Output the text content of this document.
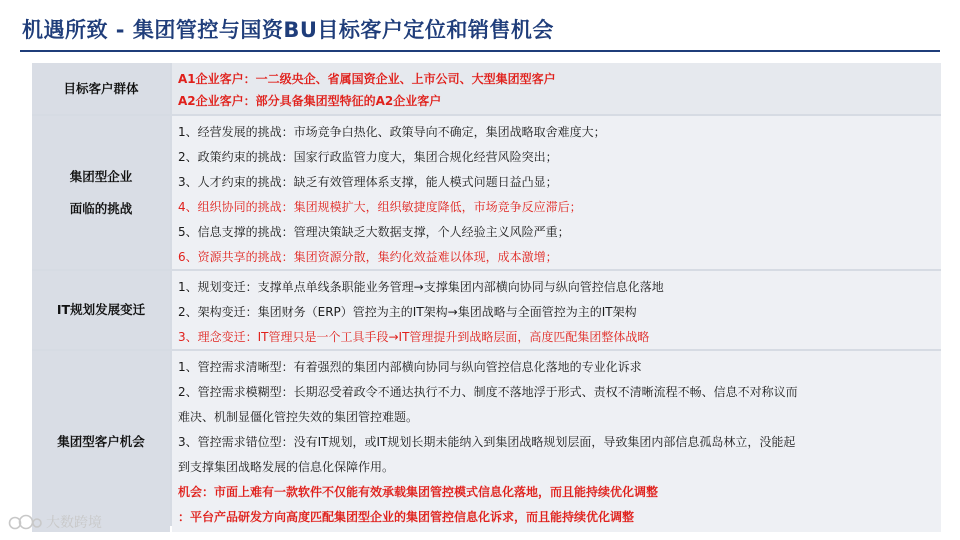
机遇所致 - 集团管控与国资BU目标客户定位和销售机会
目标客户群体
A1企业客户：一二级央企、省属国资企业、上市公司、大型集团型客户
A2企业客户：部分具备集团型特征的A2企业客户
集团型企业
面临的挑战
1、经营发展的挑战：市场竞争白热化、政策导向不确定，集团战略取舍难度大；
2、政策约束的挑战：国家行政监管力度大，集团合规化经营风险突出；
3、人才约束的挑战：缺乏有效管理体系支撑，能人模式问题日益凸显；
4、组织协同的挑战：集团规模扩大，组织敏捷度降低，市场竞争反应滞后；
5、信息支撑的挑战：管理决策缺乏大数据支撑，个人经验主义风险严重；
6、资源共享的挑战：集团资源分散，集约化效益难以体现，成本激增；
IT规划发展变迁
1、规划变迁：支撑单点单线条职能业务管理→支撑集团内部横向协同与纵向管控信息化落地
2、架构变迁：集团财务（ERP）管控为主的IT架构→集团战略与全面管控为主的IT架构
3、理念变迁：IT管理只是一个工具手段→IT管理提升到战略层面，高度匹配集团整体战略
集团型客户机会
1、管控需求清晰型：有着强烈的集团内部横向协同与纵向管控信息化落地的专业化诉求
2、管控需求模糊型：长期忍受着政令不通达执行不力、制度不落地浮于形式、责权不清晰流程不畅、信息不对称议而
难决、机制显僵化管控失效的集团管控难题。
3、管控需求错位型：没有IT规划，或IT规划长期未能纳入到集团战略规划层面，导致集团内部信息孤岛林立，没能起
到支撑集团战略发展的信息化保障作用。
机会：市面上难有一款软件不仅能有效承载集团管控模式信息化落地，而且能持续优化调整
：平台产品研发方向高度匹配集团型企业的集团管控信息化诉求，而且能持续优化调整
大数跨境
